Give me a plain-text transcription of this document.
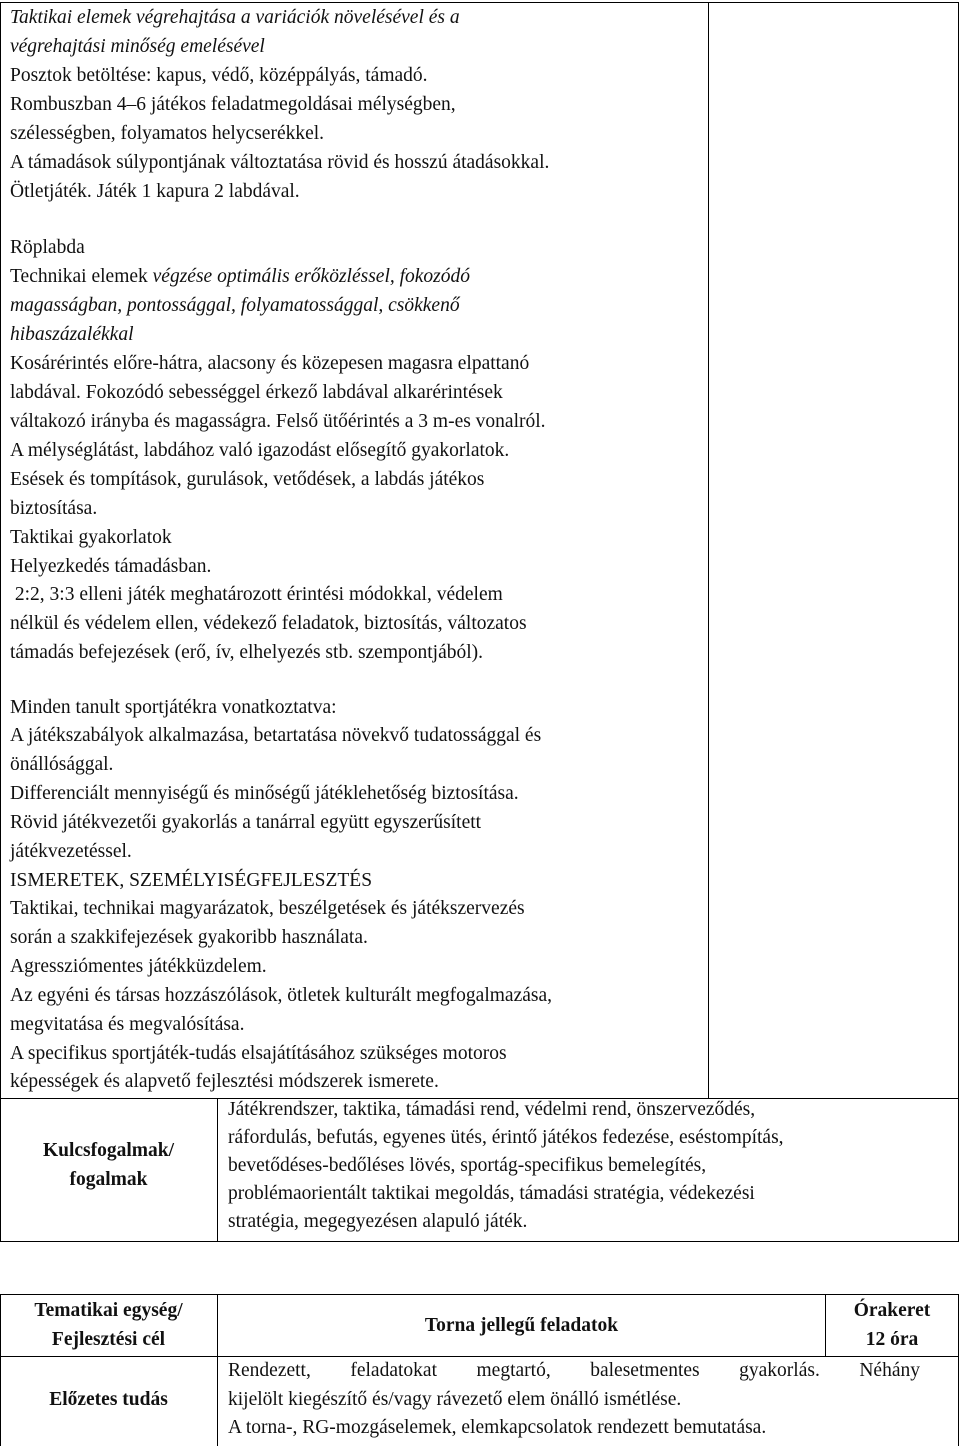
Taktikai elemek végrehajtása a variációk növelésével és a
végrehajtási minőség emelésével
Posztok betöltése: kapus, védő, középpályás, támadó.
Rombuszban 4–6 játékos feladatmegoldásai mélységben,
szélességben, folyamatos helycserékkel.
A támadások súlypontjának változtatása rövid és hosszú átadásokkal.
Ötletjáték. Játék 1 kapura 2 labdával.
Röplabda
Technikai elemek végzése optimális erőközléssel, fokozódó
magasságban, pontossággal, folyamatossággal, csökkenő
hibaszázalékkal
Kosárérintés előre-hátra, alacsony és közepesen magasra elpattanó
labdával. Fokozódó sebességgel érkező labdával alkarérintések
váltakozó irányba és magasságra. Felső ütőérintés a 3 m-es vonalról.
A mélységlátást, labdához való igazodást elősegítő gyakorlatok.
Esések és tompítások, gurulások, vetődések, a labdás játékos
biztosítása.
Taktikai gyakorlatok
Helyezkedés támadásban.
2:2, 3:3 elleni játék meghatározott érintési módokkal, védelem
nélkül és védelem ellen, védekező feladatok, biztosítás, változatos
támadás befejezések (erő, ív, elhelyezés stb. szempontjából).
Minden tanult sportjátékra vonatkoztatva:
A játékszabályok alkalmazása, betartatása növekvő tudatossággal és
önállósággal.
Differenciált mennyiségű és minőségű játéklehetőség biztosítása.
Rövid játékvezetői gyakorlás a tanárral együtt egyszerűsített
játékvezetéssel.
ISMERETEK, SZEMÉLYISÉGFEJLESZTÉS
Taktikai, technikai magyarázatok, beszélgetések és játékszervezés
során a szakkifejezések gyakoribb használata.
Agressziómentes játékküzdelem.
Az egyéni és társas hozzászólások, ötletek kulturált megfogalmazása,
megvitatása és megvalósítása.
A specifikus sportjáték-tudás elsajátításához szükséges motoros
képességek és alapvető fejlesztési módszerek ismerete.
Kulcsfogalmak/
fogalmak
Játékrendszer, taktika, támadási rend, védelmi rend, önszerveződés,
ráfordulás, befutás, egyenes ütés, érintő játékos fedezése, eséstompítás,
bevetődéses-bedőléses lövés, sportág-specifikus bemelegítés,
problémaorientált taktikai megoldás, támadási stratégia, védekezési
stratégia, megegyezésen alapuló játék.
Tematikai egység/
Fejlesztési cél
Torna jellegű feladatok
Órakeret
12 óra
Előzetes tudás
Rendezett, feladatokat megtartó, balesetmentes gyakorlás. Néhány
kijelölt kiegészítő és/vagy rávezető elem önálló ismétlése.
A torna-, RG-mozgáselemek, elemkapcsolatok rendezett bemutatása.
